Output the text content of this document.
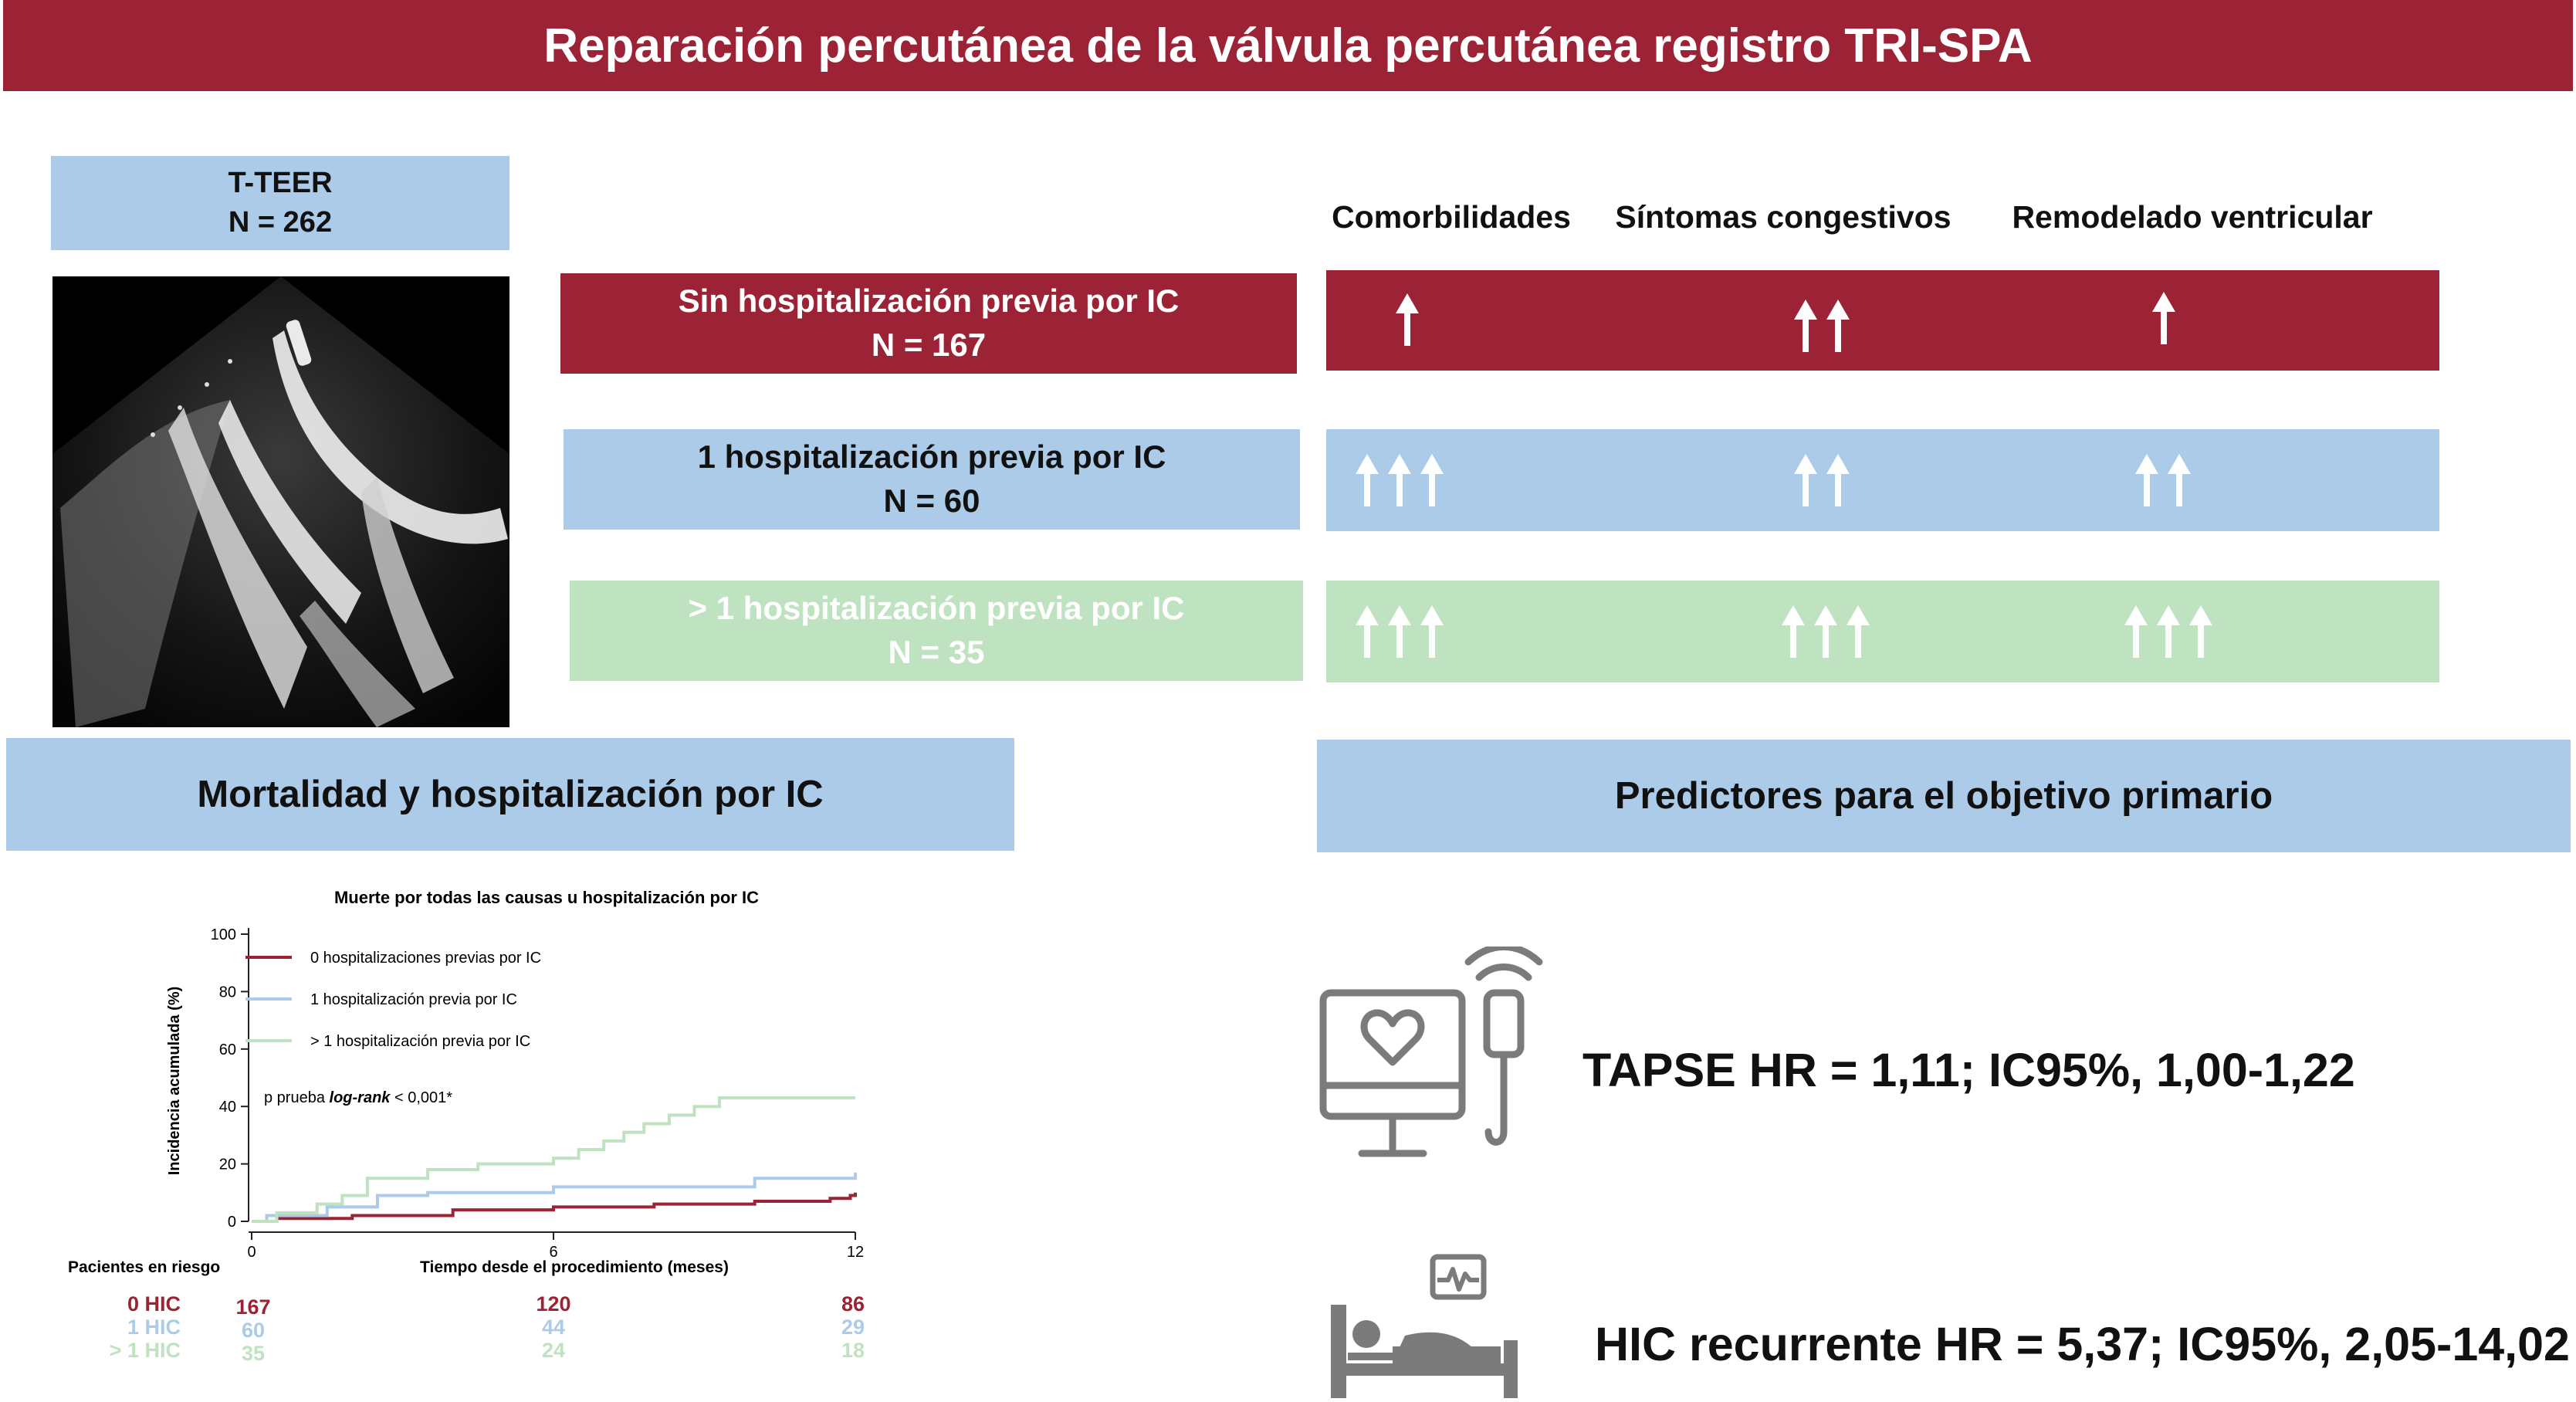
Reparación percutánea de la válvula percutánea registro TRI-SPA
T-TEER
N = 262	Comorbilidades	Síntomas congestivos	Remodelado ventricular
Sin hospitalización previa por IC
N = 167
1 hospitalización previa por IC
N = 60
> 1 hospitalización previa por IC
N = 35
Mortalidad y hospitalización por IC	Predictores para el objetivo primario
Muerte por todas las causas u hospitalización por IC
0
20
40
60
80
100
0	6	12
0 hospitalizaciones previas por IC
1 hospitalización previa por IC
> 1 hospitalización previa por IC
p prueba log-rank < 0,001*
Incidencia acumulada (%)
Tiempo desde el procedimiento (meses)
Pacientes en riesgo
0 HIC	167	120	86
1 HIC	60	44	29
> 1 HIC	35	24	18
TAPSE HR = 1,11; IC95%, 1,00-1,22
HIC recurrente HR = 5,37; IC95%, 2,05-14,02
